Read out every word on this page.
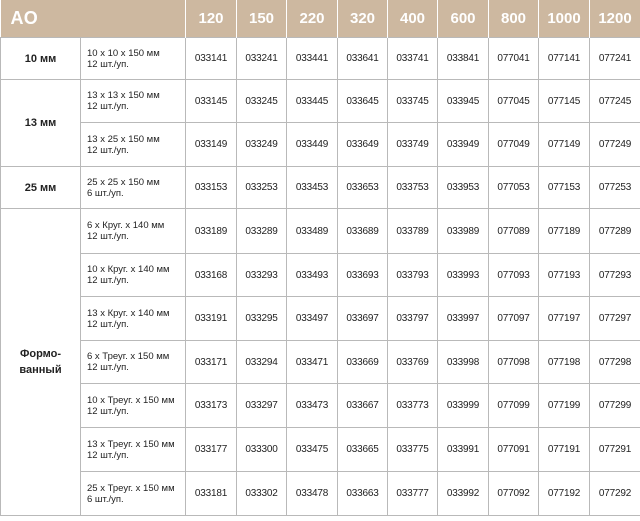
АО		120	150	220	320	400	600	800	1000	1200
10 мм	10 x 10 x 150 мм
12 шт./уп.	033141	033241	033441	033641	033741	033841	077041	077141	077241
13 мм	13 x 13 x 150 мм
12 шт./уп.	033145	033245	033445	033645	033745	033945	077045	077145	077245

	13 x 25 x 150 мм
12 шт./уп.	033149	033249	033449	033649	033749	033949	077049	077149	077249
25 мм	25 x 25 x 150 мм
6 шт./уп.	033153	033253	033453	033653	033753	033953	077053	077153	077253

Формо-
ванный	6 x Круг. x 140 мм
12 шт./уп.	033189	033289	033489	033689	033789	033989	077089	077189	077289

	10 x Круг. x 140 мм
12 шт./уп.	033168	033293	033493	033693	033793	033993	077093	077193	077293

	13 x Круг. x 140 мм
12 шт./уп.	033191	033295	033497	033697	033797	033997	077097	077197	077297

	6 x Треуг. x 150 мм
12 шт./уп.	033171	033294	033471	033669	033769	033998	077098	077198	077298

	10 x Треуг. x 150 мм
12 шт./уп.	033173	033297	033473	033667	033773	033999	077099	077199	077299

	13 x Треуг. x 150 мм
12 шт./уп.	033177	033300	033475	033665	033775	033991	077091	077191	077291

	25 x Треуг. x 150 мм
6 шт./уп.	033181	033302	033478	033663	033777	033992	077092	077192	077292
